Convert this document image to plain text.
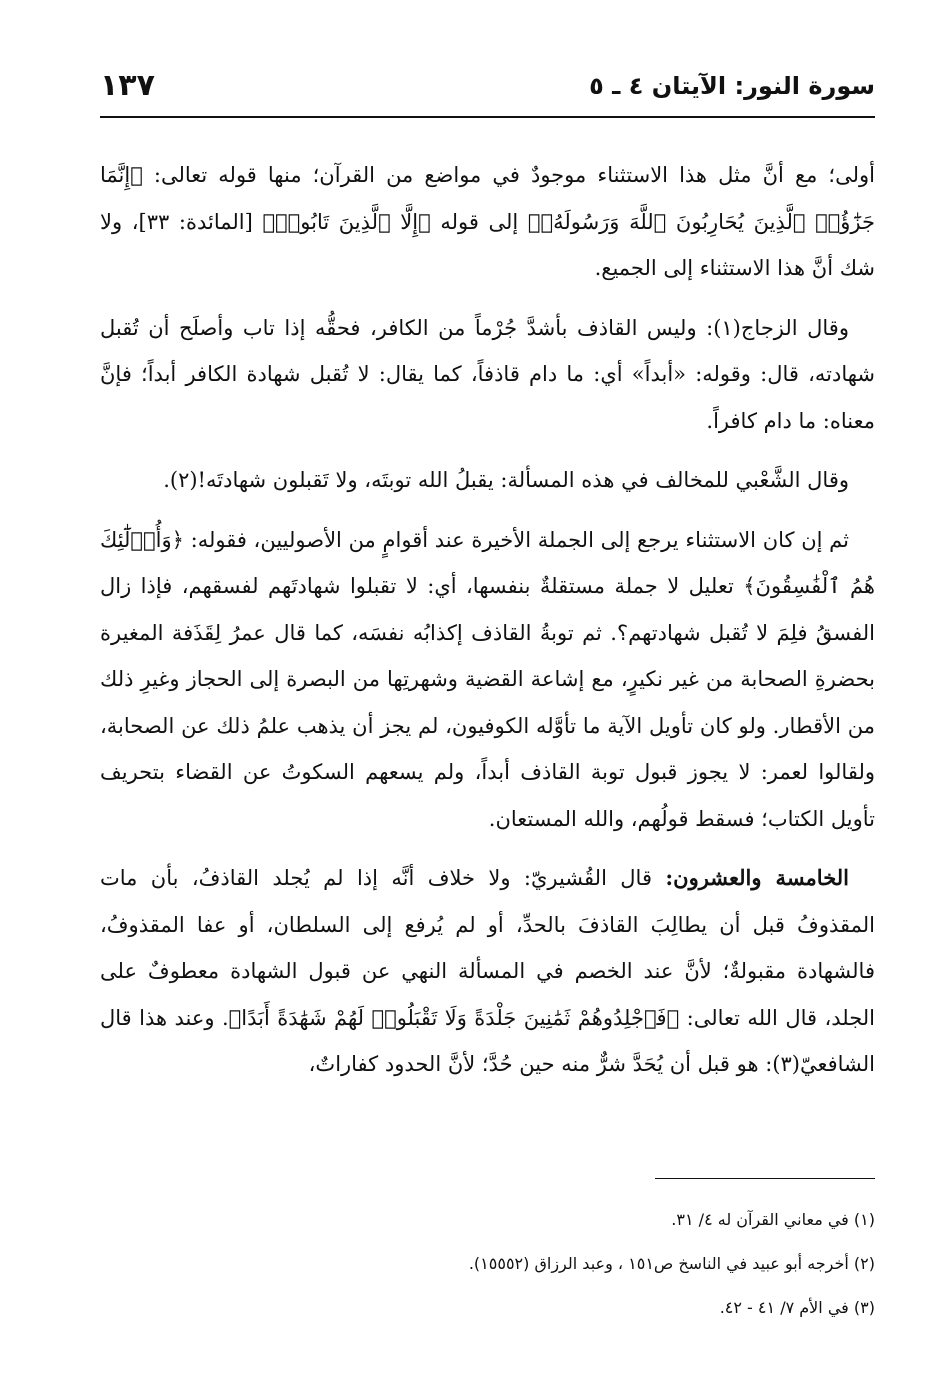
سورة النور: الآيتان ٤ ـ ٥
١٣٧

أولى؛ مع أنَّ مثل هذا الاستثناء موجودٌ في مواضع من القرآن؛ منها قوله تعالى: ﴿إِنَّمَا جَزَٰٓؤُا۟ ٱلَّذِينَ يُحَارِبُونَ ٱللَّهَ وَرَسُولَهُۥ﴾ إلى قوله ﴿إِلَّا ٱلَّذِينَ تَابُوا۟﴾ [المائدة: ٣٣]، ولا شك أنَّ هذا الاستثناء إلى الجميع.

وقال الزجاج(١): وليس القاذف بأشدَّ جُرْماً من الكافر، فحقُّه إذا تاب وأصلَح أن تُقبل شهادته، قال: وقوله: «أبداً» أي: ما دام قاذفاً، كما يقال: لا تُقبل شهادة الكافر أبداً؛ فإنَّ معناه: ما دام كافراً.

وقال الشَّعْبي للمخالف في هذه المسألة: يقبلُ الله توبتَه، ولا تَقبلون شهادتَه!(٢).

ثم إن كان الاستثناء يرجع إلى الجملة الأخيرة عند أقوامٍ من الأصوليين، فقوله: ﴿وَأُو۟لَٰٓئِكَ هُمُ ٱلْفَٰسِقُونَ﴾ تعليل لا جملة مستقلةٌ بنفسها، أي: لا تقبلوا شهادتَهم لفسقهم، فإذا زال الفسقُ فلِمَ لا تُقبل شهادتهم؟. ثم توبةُ القاذف إكذابُه نفسَه، كما قال عمرُ لِقَذَفة المغيرة بحضرةِ الصحابة من غير نكيرٍ، مع إشاعة القضية وشهرتِها من البصرة إلى الحجاز وغيرِ ذلك من الأقطار. ولو كان تأويل الآية ما تأوَّله الكوفيون، لم يجز أن يذهب علمُ ذلك عن الصحابة، ولقالوا لعمر: لا يجوز قبول توبة القاذف أبداً، ولم يسعهم السكوتُ عن القضاء بتحريف تأويل الكتاب؛ فسقط قولُهم، والله المستعان.

الخامسة والعشرون: قال القُشيريّ: ولا خلاف أنَّه إذا لم يُجلد القاذفُ، بأن مات المقذوفُ قبل أن يطالِبَ القاذفَ بالحدِّ، أو لم يُرفع إلى السلطان، أو عفا المقذوفُ، فالشهادة مقبولةٌ؛ لأنَّ عند الخصم في المسألة النهي عن قبول الشهادة معطوفٌ على الجلد، قال الله تعالى: ﴿فَٱجْلِدُوهُمْ ثَمَٰنِينَ جَلْدَةً وَلَا تَقْبَلُوا۟ لَهُمْ شَهَٰدَةً أَبَدًا﴾. وعند هذا قال الشافعيّ(٣): هو قبل أن يُحَدَّ شرٌّ منه حين حُدَّ؛ لأنَّ الحدود كفاراتٌ،

(١) في معاني القرآن له ٤/ ٣١.
(٢) أخرجه أبو عبيد في الناسخ ص١٥١ ، وعبد الرزاق (١٥٥٥٢).
(٣) في الأم ٧/ ٤١ - ٤٢.
